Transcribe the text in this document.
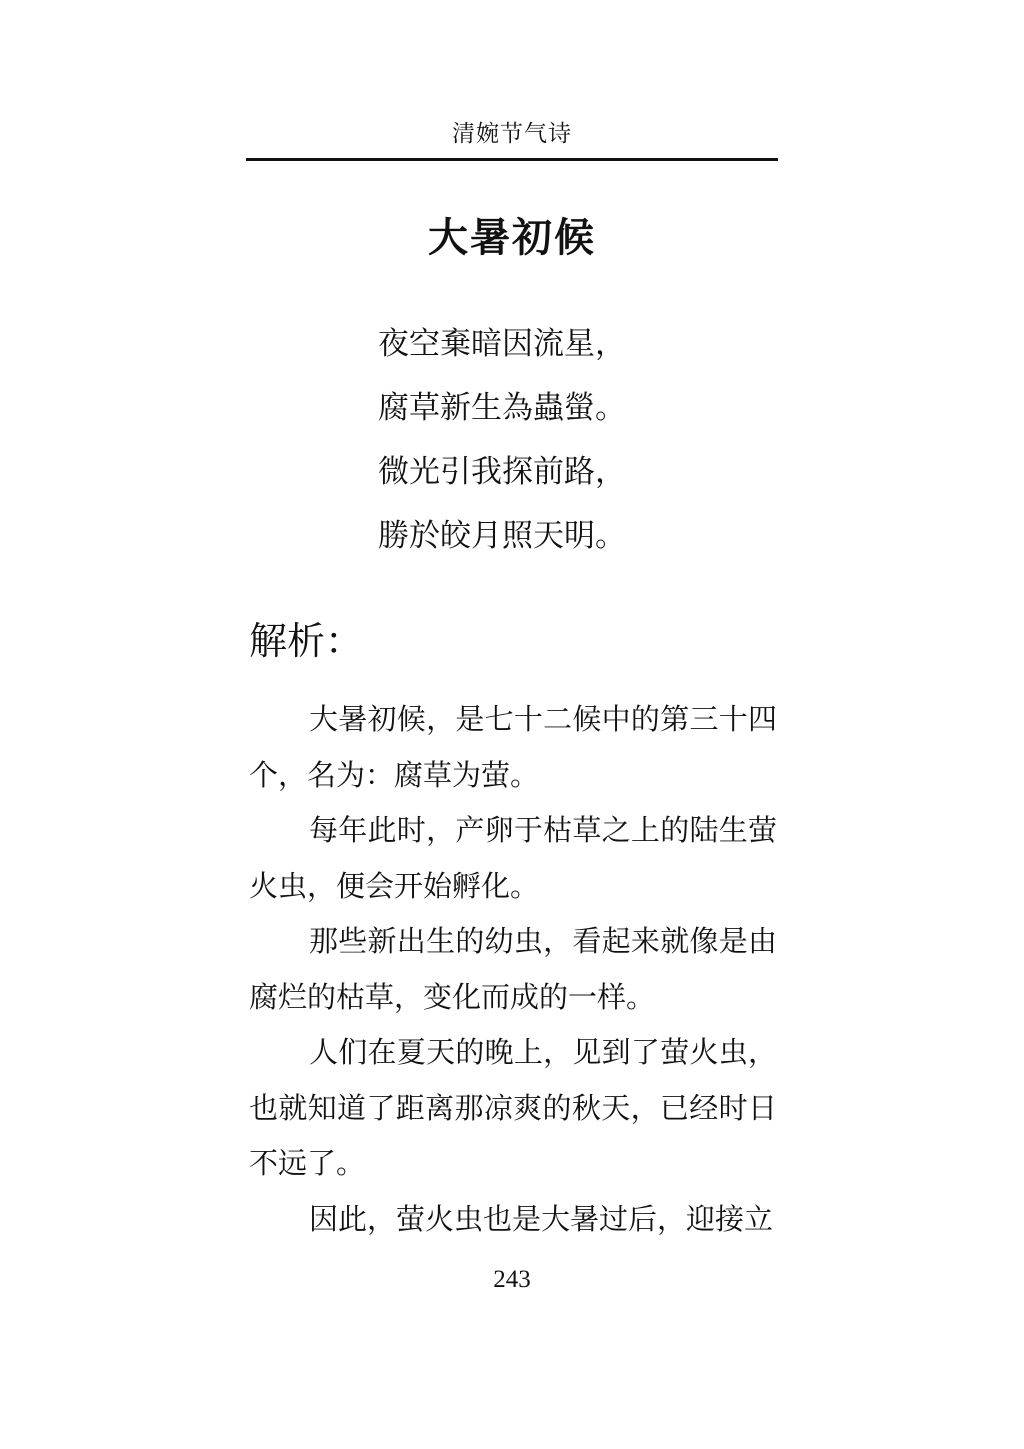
清婉节气诗
大暑初候
夜空棄暗因流星，
腐草新生為蟲螢。
微光引我探前路，
勝於皎月照天明。
解析：

大暑初候，是七十二候中的第三十四个，名为：腐草为萤。

每年此时，产卵于枯草之上的陆生萤火虫，便会开始孵化。

那些新出生的幼虫，看起来就像是由腐烂的枯草，变化而成的一样。

人们在夏天的晚上，见到了萤火虫，也就知道了距离那凉爽的秋天，已经时日不远了。

因此，萤火虫也是大暑过后，迎接立

243
